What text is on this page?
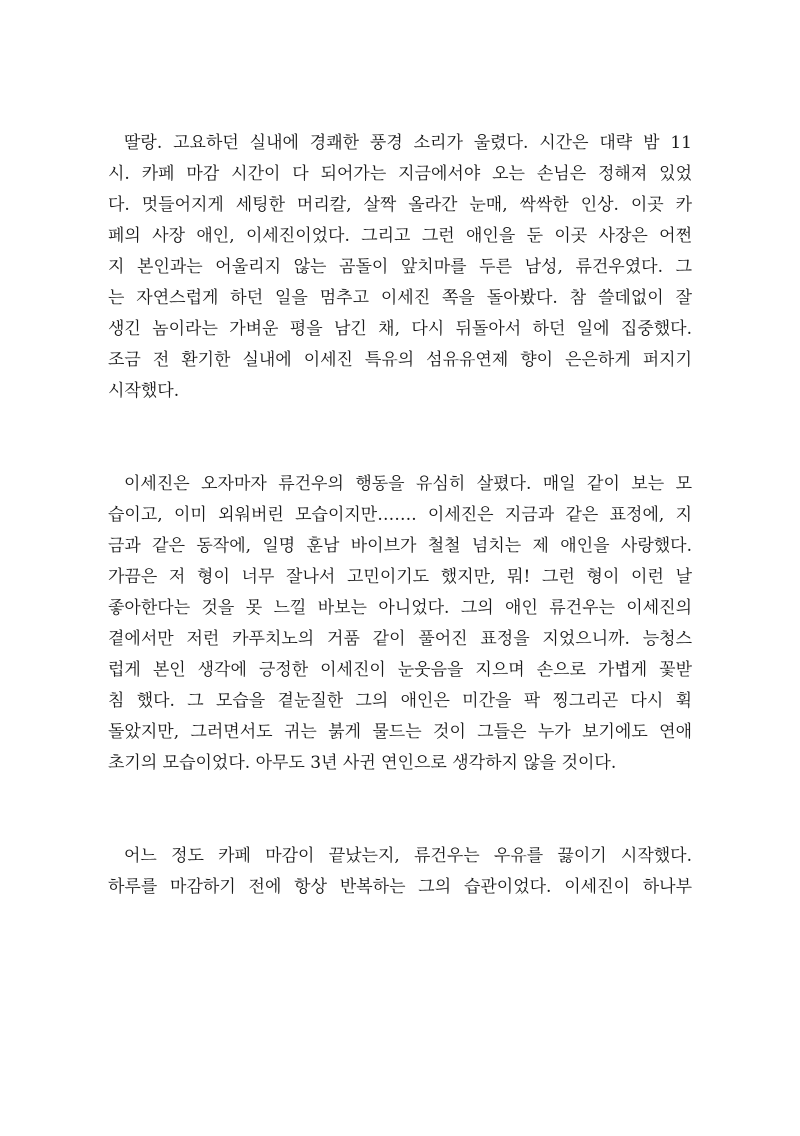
딸랑. 고요하던 실내에 경쾌한 풍경 소리가 울렸다. 시간은 대략 밤 11
시. 카페 마감 시간이 다 되어가는 지금에서야 오는 손님은 정해져 있었
다. 멋들어지게 세팅한 머리칼, 살짝 올라간 눈매, 싹싹한 인상. 이곳 카
페의 사장 애인, 이세진이었다. 그리고 그런 애인을 둔 이곳 사장은 어쩐
지 본인과는 어울리지 않는 곰돌이 앞치마를 두른 남성, 류건우였다. 그
는 자연스럽게 하던 일을 멈추고 이세진 쪽을 돌아봤다. 참 쓸데없이 잘
생긴 놈이라는 가벼운 평을 남긴 채, 다시 뒤돌아서 하던 일에 집중했다.
조금 전 환기한 실내에 이세진 특유의 섬유유연제 향이 은은하게 퍼지기
시작했다.
이세진은 오자마자 류건우의 행동을 유심히 살폈다. 매일 같이 보는 모
습이고, 이미 외워버린 모습이지만……. 이세진은 지금과 같은 표정에, 지
금과 같은 동작에, 일명 훈남 바이브가 철철 넘치는 제 애인을 사랑했다.
가끔은 저 형이 너무 잘나서 고민이기도 했지만, 뭐! 그런 형이 이런 날
좋아한다는 것을 못 느낄 바보는 아니었다. 그의 애인 류건우는 이세진의
곁에서만 저런 카푸치노의 거품 같이 풀어진 표정을 지었으니까. 능청스
럽게 본인 생각에 긍정한 이세진이 눈웃음을 지으며 손으로 가볍게 꽃받
침 했다. 그 모습을 곁눈질한 그의 애인은 미간을 팍 찡그리곤 다시 휙
돌았지만, 그러면서도 귀는 붉게 물드는 것이 그들은 누가 보기에도 연애
초기의 모습이었다. 아무도 3년 사귄 연인으로 생각하지 않을 것이다.
어느 정도 카페 마감이 끝났는지, 류건우는 우유를 끓이기 시작했다.
하루를 마감하기 전에 항상 반복하는 그의 습관이었다. 이세진이 하나부
